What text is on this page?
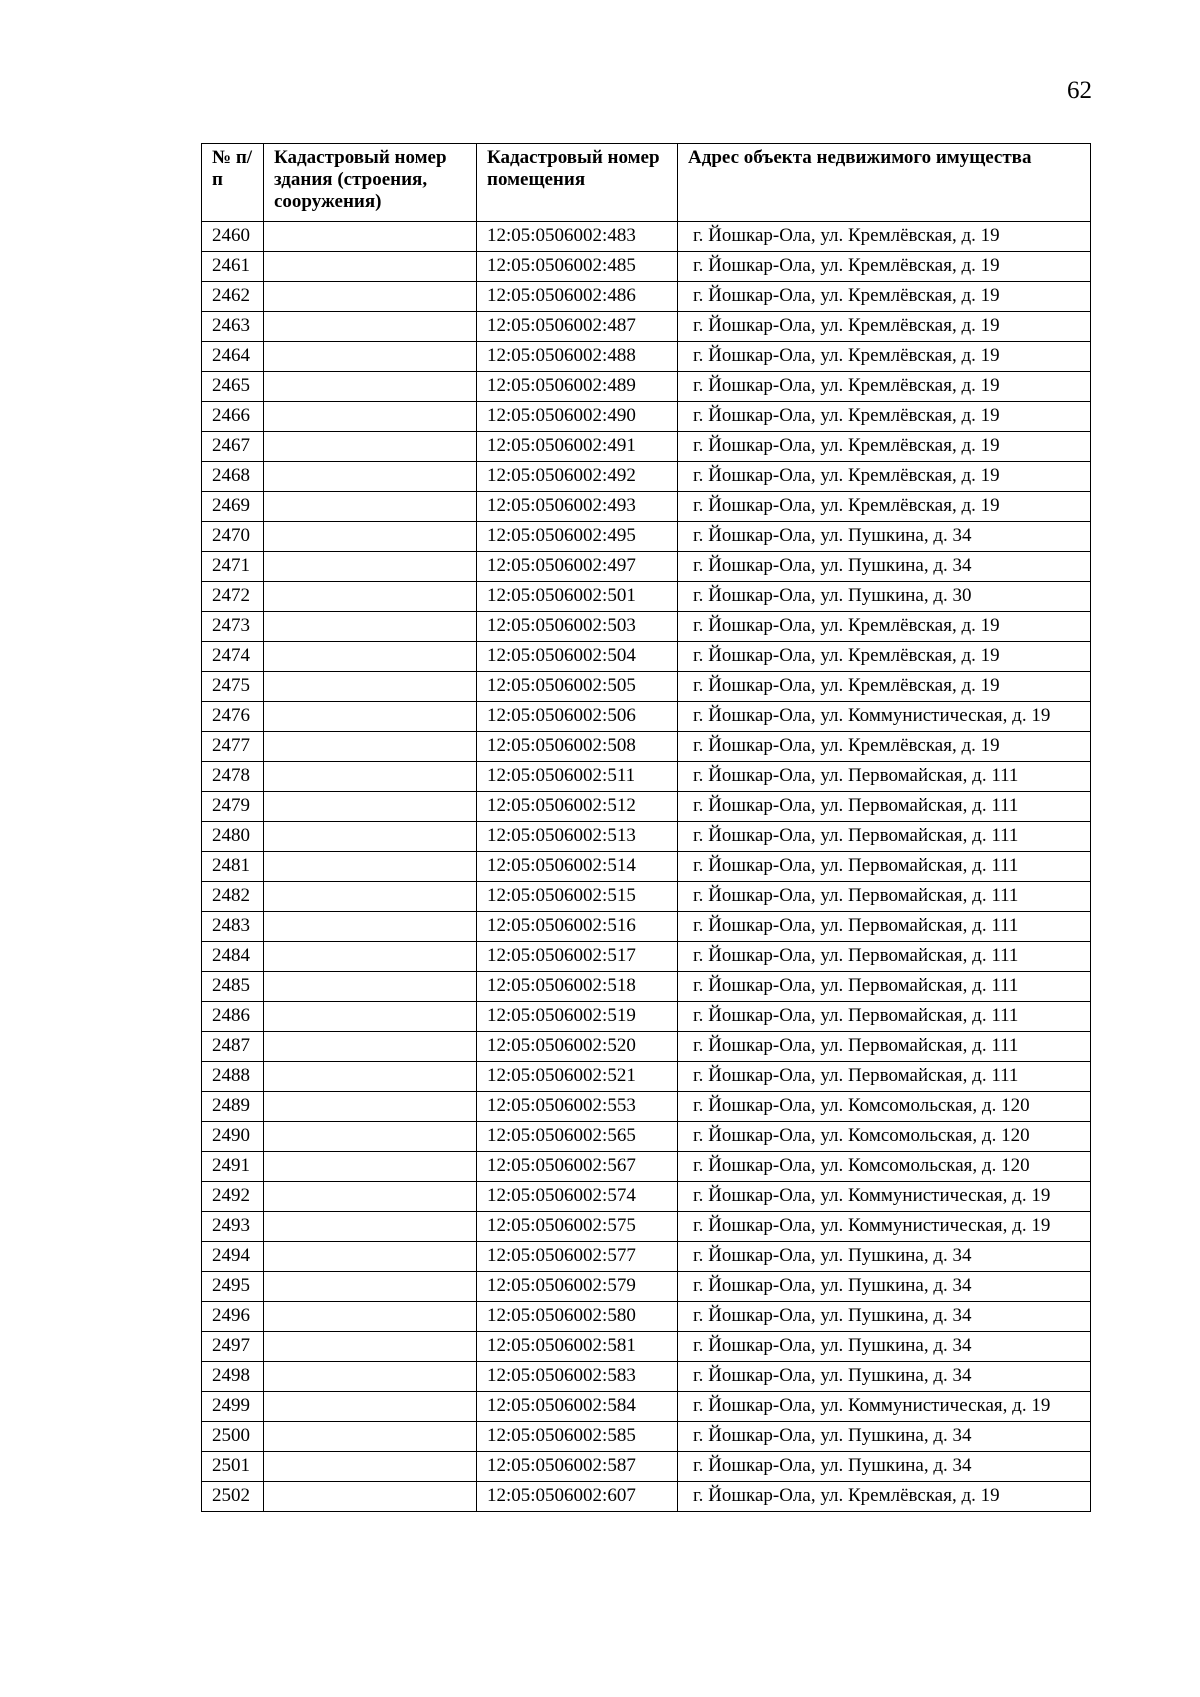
62
№ п/п	Кадастровый номер здания (строения, сооружения)	Кадастровый номер помещения	Адрес объекта недвижимого имущества
2460		12:05:0506002:483	г. Йошкар-Ола, ул. Кремлёвская, д. 19
2461		12:05:0506002:485	г. Йошкар-Ола, ул. Кремлёвская, д. 19
2462		12:05:0506002:486	г. Йошкар-Ола, ул. Кремлёвская, д. 19
2463		12:05:0506002:487	г. Йошкар-Ола, ул. Кремлёвская, д. 19
2464		12:05:0506002:488	г. Йошкар-Ола, ул. Кремлёвская, д. 19
2465		12:05:0506002:489	г. Йошкар-Ола, ул. Кремлёвская, д. 19
2466		12:05:0506002:490	г. Йошкар-Ола, ул. Кремлёвская, д. 19
2467		12:05:0506002:491	г. Йошкар-Ола, ул. Кремлёвская, д. 19
2468		12:05:0506002:492	г. Йошкар-Ола, ул. Кремлёвская, д. 19
2469		12:05:0506002:493	г. Йошкар-Ола, ул. Кремлёвская, д. 19
2470		12:05:0506002:495	г. Йошкар-Ола, ул. Пушкина, д. 34
2471		12:05:0506002:497	г. Йошкар-Ола, ул. Пушкина, д. 34
2472		12:05:0506002:501	г. Йошкар-Ола, ул. Пушкина, д. 30
2473		12:05:0506002:503	г. Йошкар-Ола, ул. Кремлёвская, д. 19
2474		12:05:0506002:504	г. Йошкар-Ола, ул. Кремлёвская, д. 19
2475		12:05:0506002:505	г. Йошкар-Ола, ул. Кремлёвская, д. 19
2476		12:05:0506002:506	г. Йошкар-Ола, ул. Коммунистическая, д. 19
2477		12:05:0506002:508	г. Йошкар-Ола, ул. Кремлёвская, д. 19
2478		12:05:0506002:511	г. Йошкар-Ола, ул. Первомайская, д. 111
2479		12:05:0506002:512	г. Йошкар-Ола, ул. Первомайская, д. 111
2480		12:05:0506002:513	г. Йошкар-Ола, ул. Первомайская, д. 111
2481		12:05:0506002:514	г. Йошкар-Ола, ул. Первомайская, д. 111
2482		12:05:0506002:515	г. Йошкар-Ола, ул. Первомайская, д. 111
2483		12:05:0506002:516	г. Йошкар-Ола, ул. Первомайская, д. 111
2484		12:05:0506002:517	г. Йошкар-Ола, ул. Первомайская, д. 111
2485		12:05:0506002:518	г. Йошкар-Ола, ул. Первомайская, д. 111
2486		12:05:0506002:519	г. Йошкар-Ола, ул. Первомайская, д. 111
2487		12:05:0506002:520	г. Йошкар-Ола, ул. Первомайская, д. 111
2488		12:05:0506002:521	г. Йошкар-Ола, ул. Первомайская, д. 111
2489		12:05:0506002:553	г. Йошкар-Ола, ул. Комсомольская, д. 120
2490		12:05:0506002:565	г. Йошкар-Ола, ул. Комсомольская, д. 120
2491		12:05:0506002:567	г. Йошкар-Ола, ул. Комсомольская, д. 120
2492		12:05:0506002:574	г. Йошкар-Ола, ул. Коммунистическая, д. 19
2493		12:05:0506002:575	г. Йошкар-Ола, ул. Коммунистическая, д. 19
2494		12:05:0506002:577	г. Йошкар-Ола, ул. Пушкина, д. 34
2495		12:05:0506002:579	г. Йошкар-Ола, ул. Пушкина, д. 34
2496		12:05:0506002:580	г. Йошкар-Ола, ул. Пушкина, д. 34
2497		12:05:0506002:581	г. Йошкар-Ола, ул. Пушкина, д. 34
2498		12:05:0506002:583	г. Йошкар-Ола, ул. Пушкина, д. 34
2499		12:05:0506002:584	г. Йошкар-Ола, ул. Коммунистическая, д. 19
2500		12:05:0506002:585	г. Йошкар-Ола, ул. Пушкина, д. 34
2501		12:05:0506002:587	г. Йошкар-Ола, ул. Пушкина, д. 34
2502		12:05:0506002:607	г. Йошкар-Ола, ул. Кремлёвская, д. 19
